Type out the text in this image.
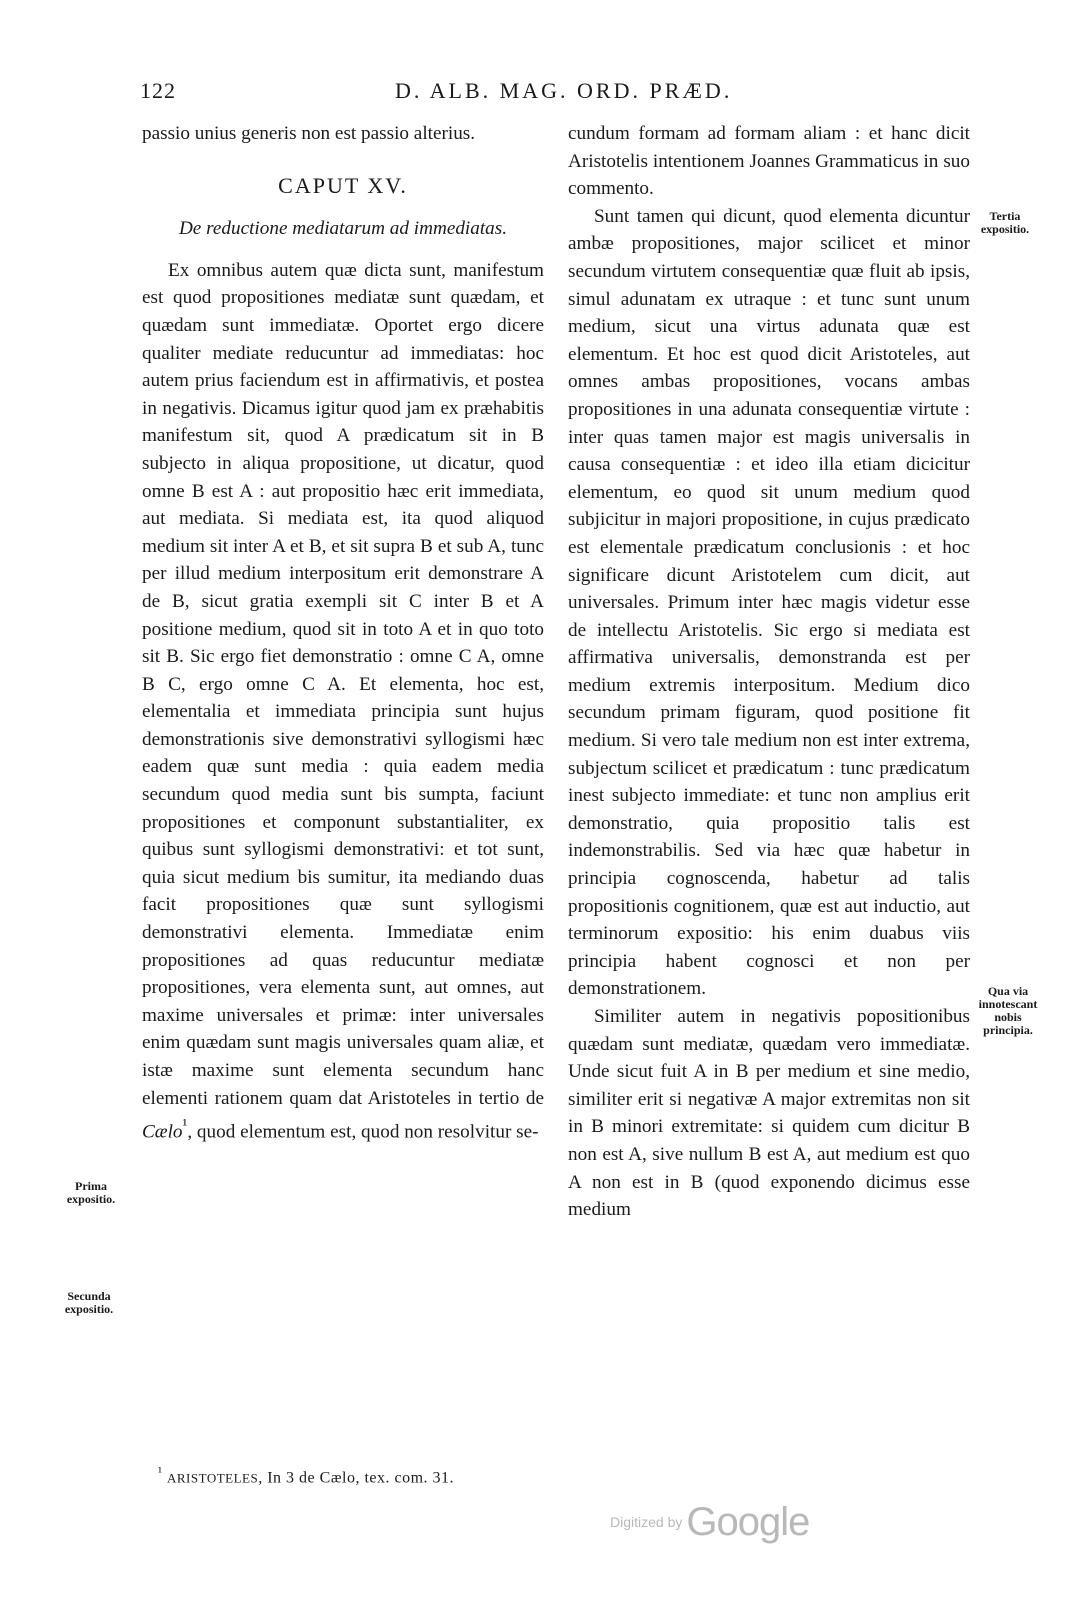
122	D. ALB. MAG. ORD. PRÆD.

passio unius generis non est passio alterius.

CAPUT XV.

De reductione mediatarum ad immediatas.

Ex omnibus autem quæ dicta sunt, manifestum est quod propositiones mediatæ sunt quædam, et quædam sunt immediatæ. Oportet ergo dicere qualiter mediate reducuntur ad immediatas: hoc autem prius faciendum est in affirmativis, et postea in negativis. Dicamus igitur quod jam ex præhabitis manifestum sit, quod A prædicatum sit in B subjecto in aliqua propositione, ut dicatur, quod omne B est A : aut propositio hæc erit immediata, aut mediata. Si mediata est, ita quod aliquod medium sit inter A et B, et sit supra B et sub A, tunc per illud medium interpositum erit demonstrare A de B, sicut gratia exempli sit C inter B et A positione medium, quod sit in toto A et in quo toto sit B. Sic ergo fiet demonstratio : omne C A, omne B C, ergo omne C A. Et elementa, hoc est, elementalia et immediata principia sunt hujus demonstrationis sive demonstrativi syllogismi hæc eadem quæ sunt media : quia eadem media secundum quod media sunt bis sumpta, faciunt propositiones et componunt substantialiter, ex quibus sunt syllogismi demonstrativi: et tot sunt, quia sicut medium bis sumitur, ita mediando duas facit propositiones quæ sunt syllogismi demonstrativi elementa. Immediatæ enim propositiones ad quas reducuntur mediatæ propositiones, vera elementa sunt, aut omnes, aut maxime universales et primæ: inter universales enim quædam sunt magis universales quam aliæ, et istæ maxime sunt elementa secundum hanc elementi rationem quam dat Aristoteles in tertio de Cælo$^{^1}$, quod elementum est, quod non resolvitur se-

cundum formam ad formam aliam : et hanc dicit Aristotelis intentionem Joannes Grammaticus in suo commento.

Sunt tamen qui dicunt, quod elementa dicuntur ambæ propositiones, major scilicet et minor secundum virtutem consequentiæ quæ fluit ab ipsis, simul adunatam ex utraque : et tunc sunt unum medium, sicut una virtus adunata quæ est elementum. Et hoc est quod dicit Aristoteles, aut omnes ambas propositiones, vocans ambas propositiones in una adunata consequentiæ virtute : inter quas tamen major est magis universalis in causa consequentiæ : et ideo illa etiam dicicitur elementum, eo quod sit unum medium quod subjicitur in majori propositione, in cujus prædicato est elementale prædicatum conclusionis : et hoc significare dicunt Aristotelem cum dicit, aut universales. Primum inter hæc magis videtur esse de intellectu Aristotelis. Sic ergo si mediata est affirmativa universalis, demonstranda est per medium extremis interpositum. Medium dico secundum primam figuram, quod positione fit medium. Si vero tale medium non est inter extrema, subjectum scilicet et prædicatum : tunc prædicatum inest subjecto immediate: et tunc non amplius erit demonstratio, quia propositio talis est indemonstrabilis. Sed via hæc quæ habetur in principia cognoscenda, habetur ad talis propositionis cognitionem, quæ est aut inductio, aut terminorum expositio: his enim duabus viis principia habent cognosci et non per demonstrationem.

Similiter autem in negativis popositionibus quædam sunt mediatæ, quædam vero immediatæ. Unde sicut fuit A in B per medium et sine medio, similiter erit si negativæ A major extremitas non sit in B minori extremitate: si quidem cum dicitur B non est A, sive nullum B est A, aut medium est quo A non est in B (quod exponendo dicimus esse medium

Prima expositio.
Secunda expositio.
Tertia expositio.
Qua via innotescant nobis principia.
$^{^1}$ ARISTOTELES, In 3 de Cælo, tex. com. 31.
Digitized by Google
